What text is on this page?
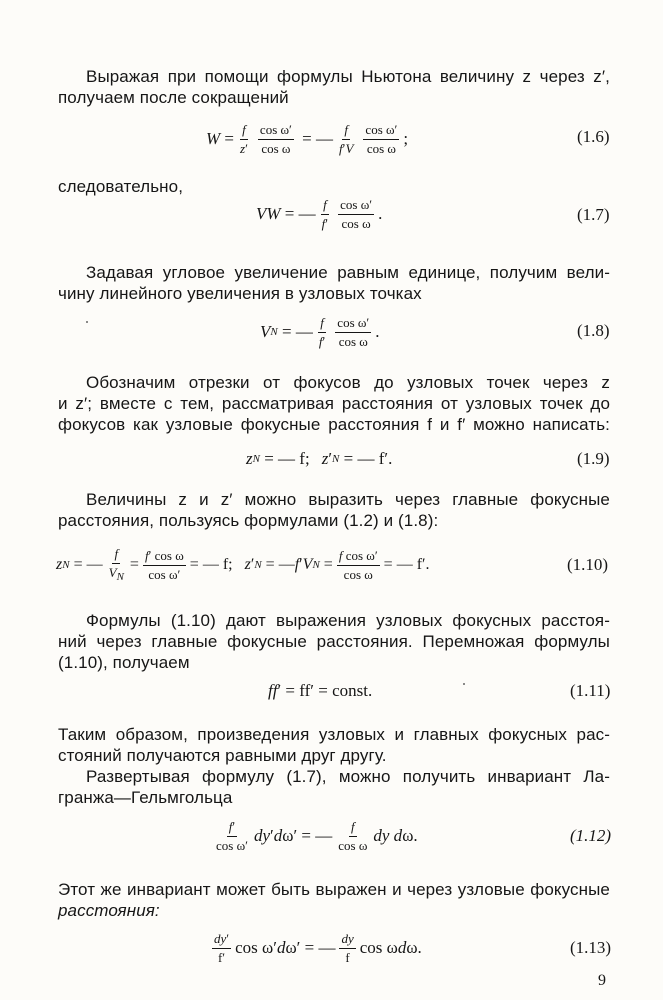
Выражая при помощи формулы Ньютона величину z через z′,

получаем после сокращений

$W = \frac{f}{z'} \frac{\text{cos ω′}}{\text{cos ω}}$ = — $\frac{f}{f'V} \frac{\text{cos ω′}}{\text{cos ω}}$ ;	(1.6)

следовательно,

VW = — $\frac{f}{f'} \frac{\text{cos ω′}}{\text{cos ω}}$ .	(1.7)

Задавая угловое увеличение равным единице, получим вели-

чину линейного увеличения в узловых точках

V N = — $\frac{f}{f'} \frac{\text{cos ω′}}{\text{cos ω}}$ .	(1.8)

Обозначим отрезки от фокусов до узловых точек через z

и z′; вместе с тем, рассматривая расстояния от узловых точек до

фокусов как узловые фокусные расстояния f и f′ можно написать:

z N = — f; z ′ N = — f′.	(1.9)

Величины z и z′ можно выразить через главные фокусные

расстояния, пользуясь формулами (1.2) и (1.8):

z N = — $\frac{f}{V_N} = \frac{\text{f′ cos ω}}{\text{cos ω′}}$ = — f; z ′ N = — f ′ V $N = \frac{\text{f cos ω′}}{\text{cos ω}}$ = — f′.	(1.10)

Формулы (1.10) дают выражения узловых фокусных расстоя-

ний через главные фокусные расстояния. Перемножая формулы

(1.10), получаем

ff ′ = ff′ = const.	(1.11)

Таким образом, произведения узловых и главных фокусных рас-

стояний получаются равными друг другу.

Развертывая формулу (1.7), можно получить инвариант Ла-

гранжа—Гельмгольца

$\frac{f'}{\text{cos ω′}}$ dy ′ d ω′ = — $\frac{f}{\text{cos ω}}$ dy d ω.	(1.12)

Этот же инвариант может быть выражен и через узловые фокусные

расстояния:

$\frac{dy'}{f'}$ cos ω′ d ω′ = — $\frac{dy}{f}$ cos ω d ω.	(1.13)
9
